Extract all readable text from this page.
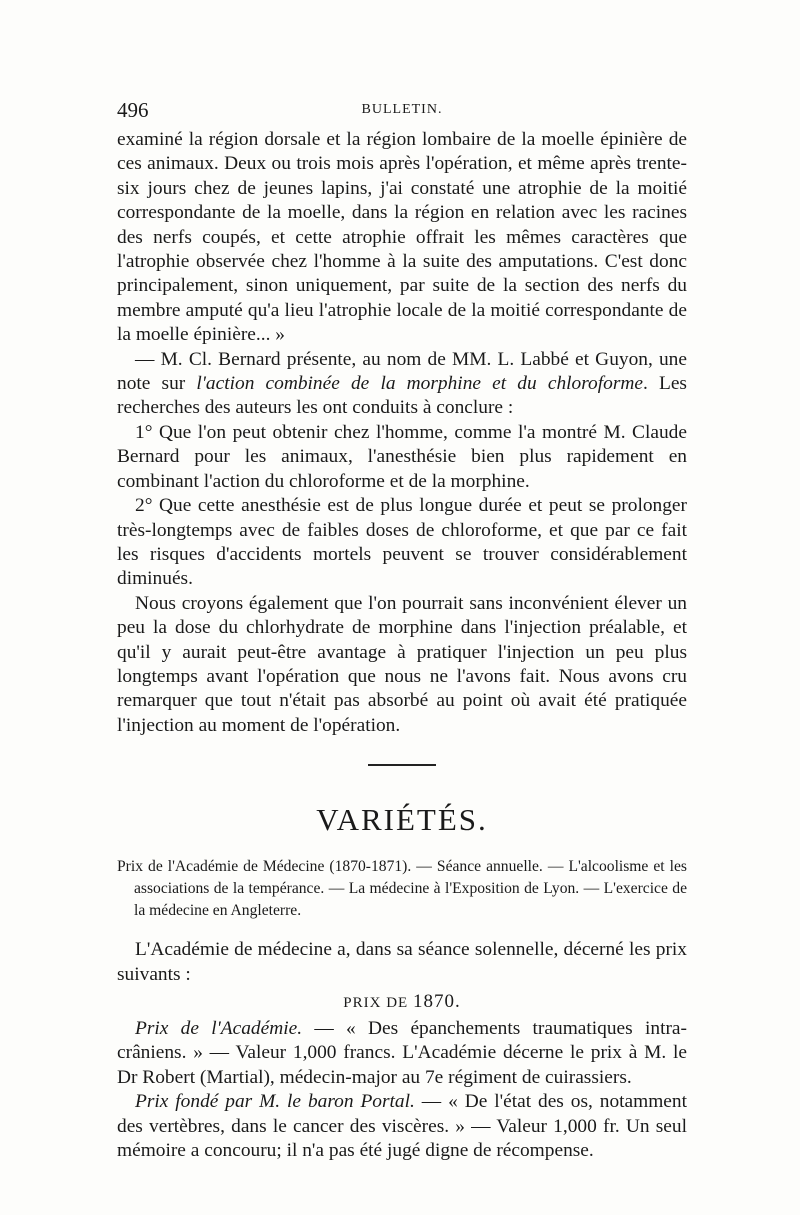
496	BULLETIN.

examiné la région dorsale et la région lombaire de la moelle épinière de ces animaux. Deux ou trois mois après l'opération, et même après trente-six jours chez de jeunes lapins, j'ai constaté une atrophie de la moitié correspondante de la moelle, dans la région en relation avec les racines des nerfs coupés, et cette atrophie offrait les mêmes caractères que l'atrophie observée chez l'homme à la suite des amputations. C'est donc principalement, sinon uniquement, par suite de la section des nerfs du membre amputé qu'a lieu l'atrophie locale de la moitié correspondante de la moelle épinière... »

— M. Cl. Bernard présente, au nom de MM. L. Labbé et Guyon, une note sur l'action combinée de la morphine et du chloroforme. Les recherches des auteurs les ont conduits à conclure :

1° Que l'on peut obtenir chez l'homme, comme l'a montré M. Claude Bernard pour les animaux, l'anesthésie bien plus rapidement en combinant l'action du chloroforme et de la morphine.

2° Que cette anesthésie est de plus longue durée et peut se prolonger très-longtemps avec de faibles doses de chloroforme, et que par ce fait les risques d'accidents mortels peuvent se trouver considérablement diminués.

Nous croyons également que l'on pourrait sans inconvénient élever un peu la dose du chlorhydrate de morphine dans l'injection préalable, et qu'il y aurait peut-être avantage à pratiquer l'injection un peu plus longtemps avant l'opération que nous ne l'avons fait. Nous avons cru remarquer que tout n'était pas absorbé au point où avait été pratiquée l'injection au moment de l'opération.

VARIÉTÉS.
Prix de l'Académie de Médecine (1870-1871). — Séance annuelle. — L'alcoolisme et les associations de la tempérance. — La médecine à l'Exposition de Lyon. — L'exercice de la médecine en Angleterre.

L'Académie de médecine a, dans sa séance solennelle, décerné les prix suivants :

PRIX DE 1870.

Prix de l'Académie. — « Des épanchements traumatiques intra-crâniens. » — Valeur 1,000 francs. L'Académie décerne le prix à M. le Dr Robert (Martial), médecin-major au 7e régiment de cuirassiers.

Prix fondé par M. le baron Portal. — « De l'état des os, notamment des vertèbres, dans le cancer des viscères. » — Valeur 1,000 fr. Un seul mémoire a concouru; il n'a pas été jugé digne de récompense.
